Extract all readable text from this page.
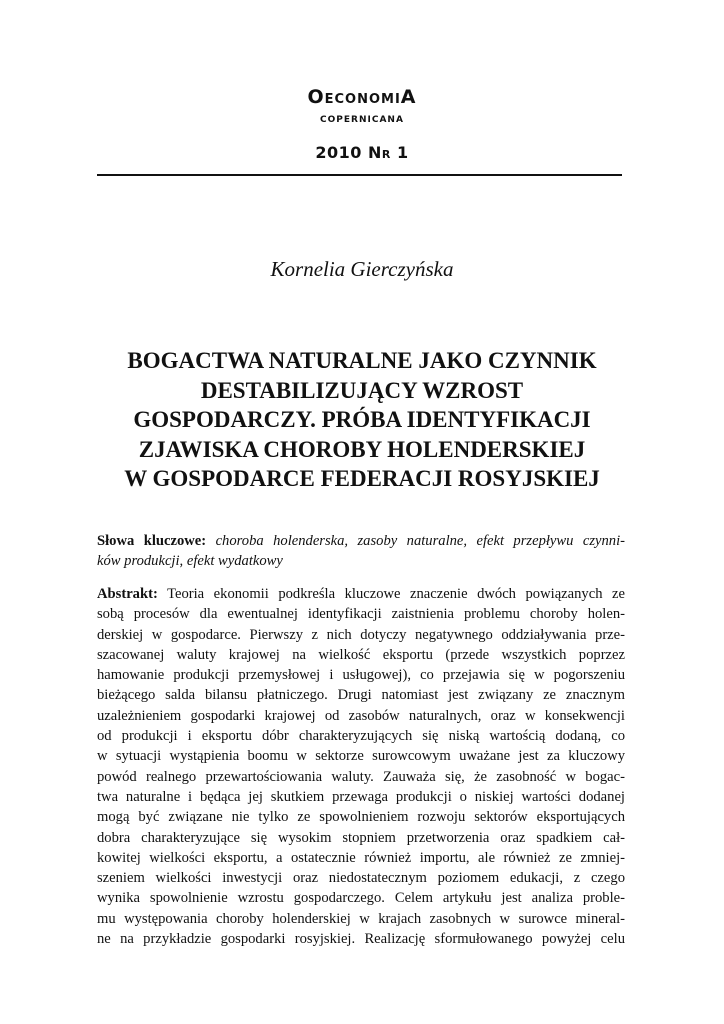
OeconomiA
copernicana
2010 Nr 1
Kornelia Gierczyńska
BOGACTWA NATURALNE JAKO CZYNNIK
DESTABILIZUJĄCY WZROST
GOSPODARCZY. PRÓBA IDENTYFIKACJI
ZJAWISKA CHOROBY HOLENDERSKIEJ
W GOSPODARCE FEDERACJI ROSYJSKIEJ
Słowa kluczowe: choroba holenderska, zasoby naturalne, efekt przepływu czynni-
ków produkcji, efekt wydatkowy
Abstrakt: Teoria ekonomii podkreśla kluczowe znaczenie dwóch powiązanych ze
sobą procesów dla ewentualnej identyfikacji zaistnienia problemu choroby holen-
derskiej w gospodarce. Pierwszy z nich dotyczy negatywnego oddziaływania prze-
szacowanej waluty krajowej na wielkość eksportu (przede wszystkich poprzez
hamowanie produkcji przemysłowej i usługowej), co przejawia się w pogorszeniu
bieżącego salda bilansu płatniczego. Drugi natomiast jest związany ze znacznym
uzależnieniem gospodarki krajowej od zasobów naturalnych, oraz w konsekwencji
od produkcji i eksportu dóbr charakteryzujących się niską wartością dodaną, co
w sytuacji wystąpienia boomu w sektorze surowcowym uważane jest za kluczowy
powód realnego przewartościowania waluty. Zauważa się, że zasobność w bogac-
twa naturalne i będąca jej skutkiem przewaga produkcji o niskiej wartości dodanej
mogą być związane nie tylko ze spowolnieniem rozwoju sektorów eksportujących
dobra charakteryzujące się wysokim stopniem przetworzenia oraz spadkiem cał-
kowitej wielkości eksportu, a ostatecznie również importu, ale również ze zmniej-
szeniem wielkości inwestycji oraz niedostatecznym poziomem edukacji, z czego
wynika spowolnienie wzrostu gospodarczego. Celem artykułu jest analiza proble-
mu występowania choroby holenderskiej w krajach zasobnych w surowce mineral-
ne na przykładzie gospodarki rosyjskiej. Realizację sformułowanego powyżej celu
